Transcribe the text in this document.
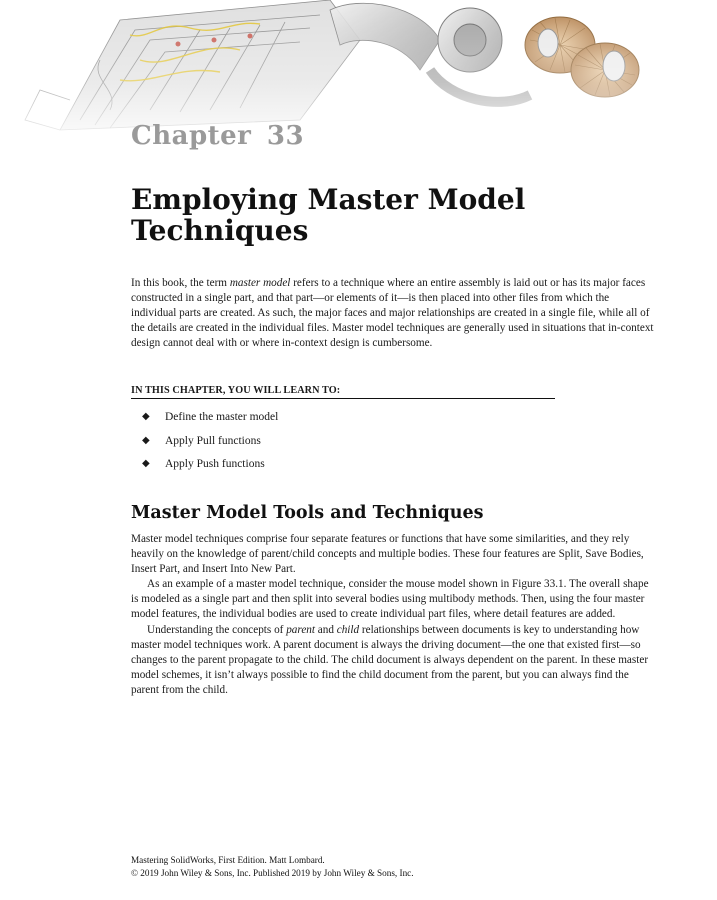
Chapter 33
Employing Master Model
Techniques

In this book, the term master model refers to a technique where an entire assembly is laid out or has its major faces constructed in a single part, and that part—or elements of it—is then placed into other files from which the individual parts are created. As such, the major faces and major relationships are created in a single file, while all of the details are created in the individual files. Master model techniques are generally used in situations that in-context design cannot deal with or where in-context design is cumbersome.

IN THIS CHAPTER, YOU WILL LEARN TO:

◆ Define the master model
◆ Apply Pull functions
◆ Apply Push functions
Master Model Tools and Techniques

Master model techniques comprise four separate features or functions that have some similarities, and they rely heavily on the knowledge of parent/child concepts and multiple bodies. These four features are Split, Save Bodies, Insert Part, and Insert Into New Part.

As an example of a master model technique, consider the mouse model shown in Figure 33.1. The overall shape is modeled as a single part and then split into several bodies using multibody methods. Then, using the four master model features, the individual bodies are used to create individual part files, where detail features are added.

Understanding the concepts of parent and child relationships between documents is key to understanding how master model techniques work. A parent document is always the driving document—the one that existed first—so changes to the parent propagate to the child. The child document is always dependent on the parent. In these master model schemes, it isn’t always possible to find the child document from the parent, but you can always find the parent from the child.

Mastering SolidWorks, First Edition. Matt Lombard.
© 2019 John Wiley & Sons, Inc. Published 2019 by John Wiley & Sons, Inc.
